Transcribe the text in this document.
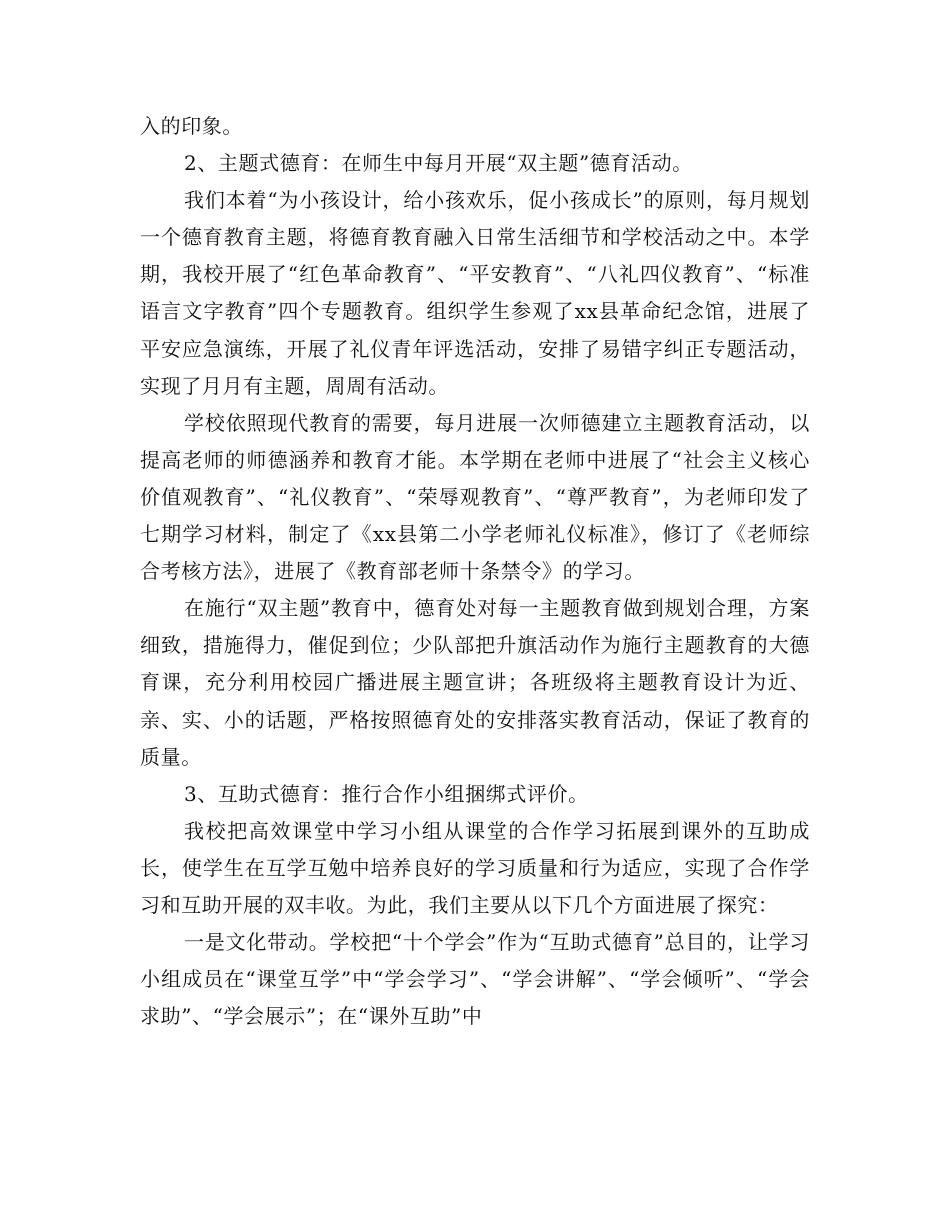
入的印象。

2、主题式德育：在师生中每月开展“双主题”德育活动。

我们本着“为小孩设计，给小孩欢乐，促小孩成长”的原则，每月规划一个德育教育主题，将德育教育融入日常生活细节和学校活动之中。本学期，我校开展了“红色革命教育”、“平安教育”、“八礼四仪教育”、“标准语言文字教育”四个专题教育。组织学生参观了xx县革命纪念馆，进展了平安应急演练，开展了礼仪青年评选活动，安排了易错字纠正专题活动，实现了月月有主题，周周有活动。

学校依照现代教育的需要，每月进展一次师德建立主题教育活动，以提高老师的师德涵养和教育才能。本学期在老师中进展了“社会主义核心价值观教育”、“礼仪教育”、“荣辱观教育”、“尊严教育”，为老师印发了七期学习材料，制定了《xx县第二小学老师礼仪标准》，修订了《老师综合考核方法》，进展了《教育部老师十条禁令》的学习。

在施行“双主题”教育中，德育处对每一主题教育做到规划合理，方案细致，措施得力，催促到位；少队部把升旗活动作为施行主题教育的大德育课，充分利用校园广播进展主题宣讲；各班级将主题教育设计为近、亲、实、小的话题，严格按照德育处的安排落实教育活动，保证了教育的质量。

3、互助式德育：推行合作小组捆绑式评价。

我校把高效课堂中学习小组从课堂的合作学习拓展到课外的互助成长，使学生在互学互勉中培养良好的学习质量和行为适应，实现了合作学习和互助开展的双丰收。为此，我们主要从以下几个方面进展了探究：

一是文化带动。学校把“十个学会”作为“互助式德育”总目的，让学习小组成员在“课堂互学”中“学会学习”、“学会讲解”、“学会倾听”、“学会求助”、“学会展示”；在“课外互助”中
